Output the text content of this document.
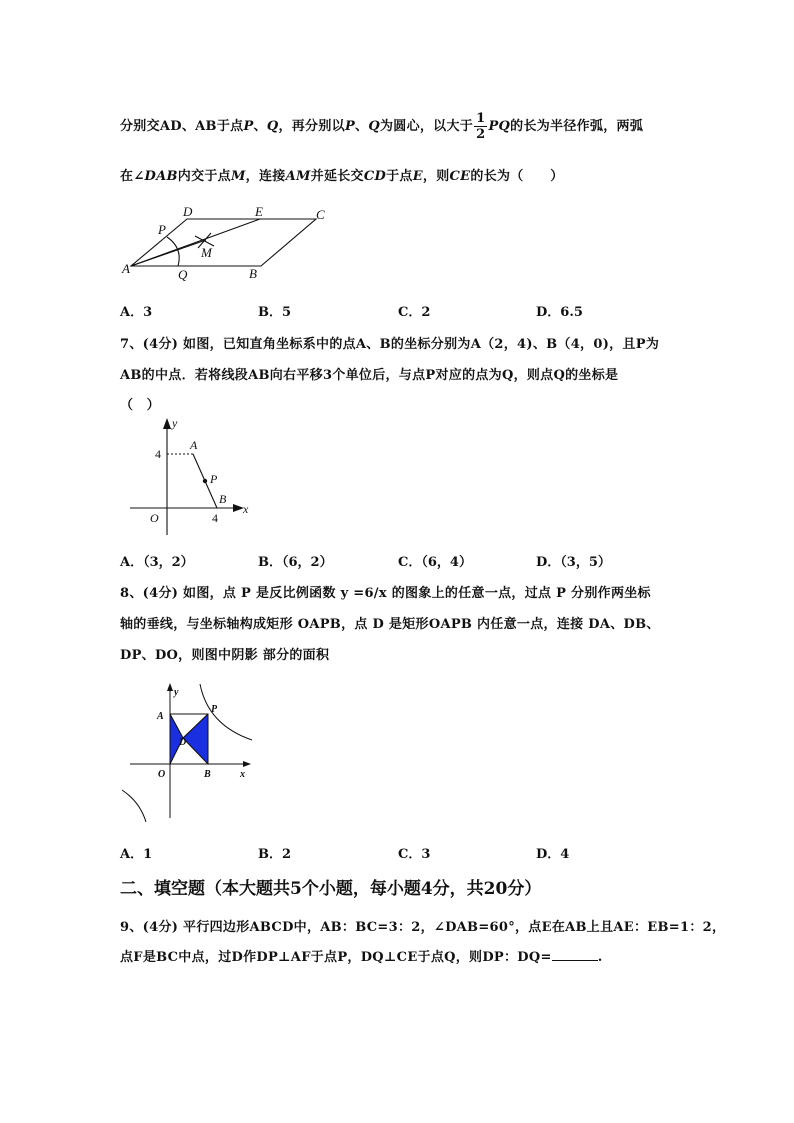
分别交AD、AB于点P、Q，再分别以P、Q为圆心，以大于 $\frac{1}{2}$ PQ的长为半径作弧，两弧
在∠DAB内交于点M，连接AM并延长交CD于点E，则CE的长为（　　）
D	E	C
P
M
A	Q	B
A．3	B．5	C．2	D．6.5
7、(4分) 如图，已知直角坐标系中的点A、B的坐标分别为A（2，4)、B（4，0)，且P为
AB的中点．若将线段AB向右平移3个单位后，与点P对应的点为Q，则点Q的坐标是
（　）
y
A
4
P
B
O	4
x
A．（3，2）	B．（6，2）	C．（6，4）	D．（3，5）
8、(4分) 如图，点 P 是反比例函数 y =6/x 的图象上的任意一点，过点 P 分别作两坐标
轴的垂线，与坐标轴构成矩形 OAPB，点 D 是矩形OAPB 内任意一点，连接 DA、DB、
DP、DO，则图中阴影 部分的面积
y
A
P
D
O	B	x
A．1	B．2	C．3	D．4
二、填空题（本大题共5个小题，每小题4分，共20分）
9、(4分) 平行四边形ABCD中，AB：BC=3：2，∠DAB=60°，点E在AB上且AE：EB=1：2，
点F是BC中点，过D作DP⊥AF于点P，DQ⊥CE于点Q，则DP：DQ=	.
